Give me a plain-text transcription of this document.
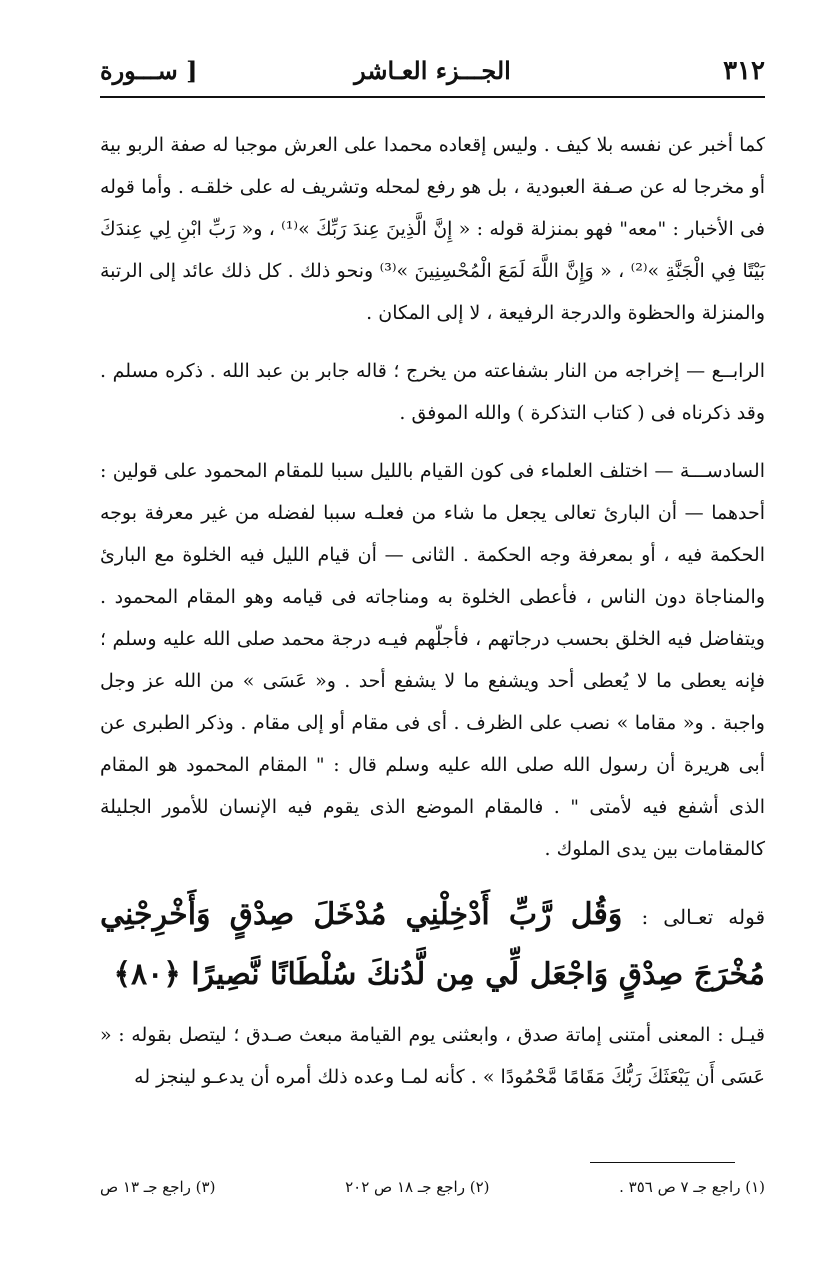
٣١٢
الجـــزء العـاشر
[ ســـورة

كما أخبر عن نفسه بلا كيف . وليس إقعاده محمدا على العرش موجبا له صفة الربو بية أو مخرجا له عن صـفة العبودية ، بل هو رفع لمحله وتشريف له على خلقـه . وأما قوله فى الأخبار : "معه" فهو بمنزلة قوله : « إِنَّ الَّذِينَ عِندَ رَبِّكَ »⁽¹⁾ ، و« رَبِّ ابْنِ لِي عِندَكَ بَيْتًا فِي الْجَنَّةِ »⁽²⁾ ، « وَإِنَّ اللَّهَ لَمَعَ الْمُحْسِنِينَ »⁽³⁾ ونحو ذلك . كل ذلك عائد إلى الرتبة والمنزلة والحظوة والدرجة الرفيعة ، لا إلى المكان .

الرابــع — إخراجه من النار بشفاعته من يخرج ؛ قاله جابر بن عبد الله . ذكره مسلم . وقد ذكرناه فى ( كتاب التذكرة ) والله الموفق .

السادســـة — اختلف العلماء فى كون القيام بالليل سببا للمقام المحمود على قولين : أحدهما — أن البارئ تعالى يجعل ما شاء من فعلـه سببا لفضله من غير معرفة بوجه الحكمة فيه ، أو بمعرفة وجه الحكمة . الثانى — أن قيام الليل فيه الخلوة مع البارئ والمناجاة دون الناس ، فأعطى الخلوة به ومناجاته فى قيامه وهو المقام المحمود . ويتفاضل فيه الخلق بحسب درجاتهم ، فأجلّهم فيـه درجة محمد صلى الله عليه وسلم ؛ فإنه يعطى ما لا يُعطى أحد ويشفع ما لا يشفع أحد . و« عَسَى » من الله عز وجل واجبة . و« مقاما » نصب على الظرف . أى فى مقام أو إلى مقام . وذكر الطبرى عن أبى هريرة أن رسول الله صلى الله عليه وسلم قال : " المقام المحمود هو المقام الذى أشفع فيه لأمتى " . فالمقام الموضع الذى يقوم فيه الإنسان للأمور الجليلة كالمقامات بين يدى الملوك .

قوله تعـالى : وَقُل رَّبِّ أَدْخِلْنِي مُدْخَلَ صِدْقٍ وَأَخْرِجْنِي مُخْرَجَ صِدْقٍ وَاجْعَل لِّي مِن لَّدُنكَ سُلْطَانًا نَّصِيرًا ﴿٨٠﴾

قيـل : المعنى أمتنى إماتة صدق ، وابعثنى يوم القيامة مبعث صـدق ؛ ليتصل بقوله : « عَسَى أَن يَبْعَثَكَ رَبُّكَ مَقَامًا مَّحْمُودًا » . كأنه لمـا وعده ذلك أمره أن يدعـو لينجز له

(١) راجع جـ ٧ ص ٣٥٦ .
(٢) راجع جـ ١٨ ص ٢٠٢
(٣) راجع جـ ١٣ ص
